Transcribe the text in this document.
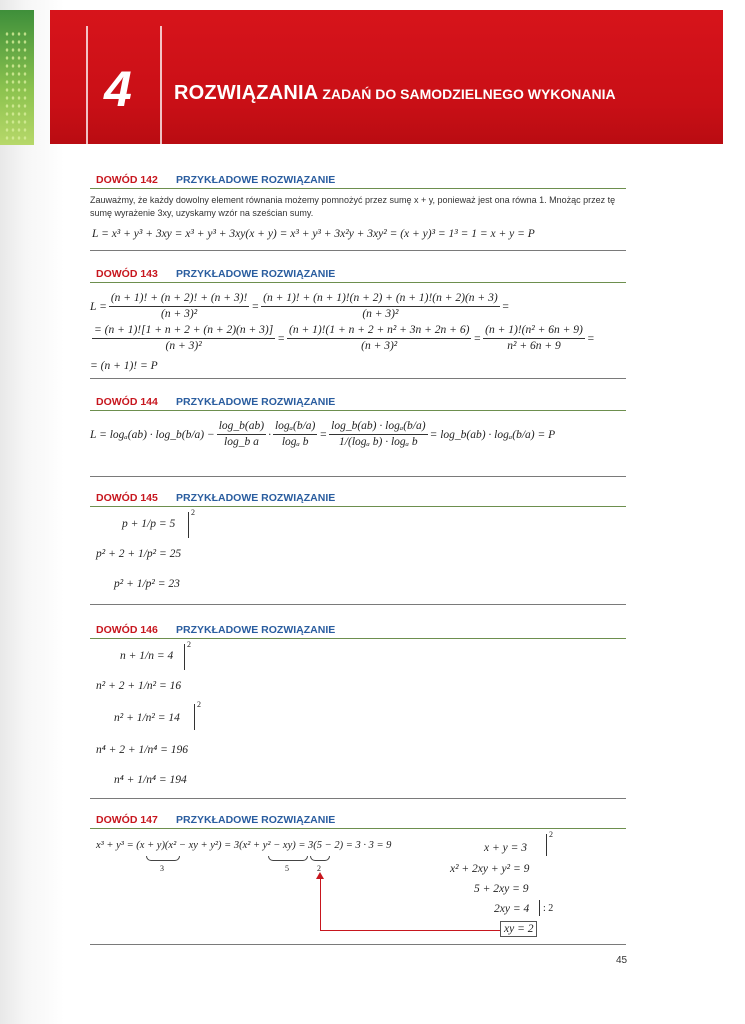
4 ROZWIĄZANIA ZADAŃ DO SAMODZIELNEGO WYKONANIA
DOWÓD 142 PRZYKŁADOWE ROZWIĄZANIE
Zauważmy, że każdy dowolny element równania możemy pomnożyć przez sumę x + y, ponieważ jest ona równa 1. Mnożąc przez tę sumę wyrażenie 3xy, uzyskamy wzór na sześcian sumy.
L = x³ + y³ + 3xy = x³ + y³ + 3xy(x + y) = x³ + y³ + 3x²y + 3xy² = (x + y)³ = 1³ = 1 = x + y = P
DOWÓD 143 PRZYKŁADOWE ROZWIĄZANIE
$L = \frac{(n + 1)! + (n + 2)! + (n + 3)!}{\text{(n + 3)²}} = \frac{(n + 1)! + (n + 1)!(n + 2) + (n + 1)!(n + 2)(n + 3)}{\text{(n + 3)²}}$ =
$\frac{= (n + 1)![1 + n + 2 + (n + 2)(n + 3)]}{\text{(n + 3)²}} = \frac{\text{(n + 1)!(1 + n + 2 + n² + 3n + 2n + 6)}}{\text{(n + 3)²}} = \frac{\text{(n + 1)!(n² + 6n + 9)}}{\text{n² + 6n + 9}}$ =
= (n + 1)! = P
DOWÓD 144 PRZYKŁADOWE ROZWIĄZANIE
L = logₐ(ab) · log_b(b/a) − $\frac{\log\_b(ab)}{\text{log\_b a}} \cdot \frac{\text{logₐ(b/a)}}{\text{logₐ b}} = \frac{\text{log\_b(ab) · logₐ(b/a)}}{\text{1/(logₐ b) · logₐ b}}$ = log_b(ab) · logₐ(b/a) = P
DOWÓD 145 PRZYKŁADOWE ROZWIĄZANIE
p + 1/p = 5
2
p² + 2 + 1/p² = 25
p² + 1/p² = 23
DOWÓD 146 PRZYKŁADOWE ROZWIĄZANIE
n + 1/n = 4
2
n² + 2 + 1/n² = 16
n² + 1/n² = 14
2
n⁴ + 2 + 1/n⁴ = 196
n⁴ + 1/n⁴ = 194
DOWÓD 147 PRZYKŁADOWE ROZWIĄZANIE
x³ + y³ = (x + y)(x² − xy + y²) = 3(x² + y² − xy) = 3(5 − 2) = 3 · 3 = 9
3	5	2
x + y = 3
2
x² + 2xy + y² = 9
5 + 2xy = 9
2xy = 4 : 2
xy = 2
45
